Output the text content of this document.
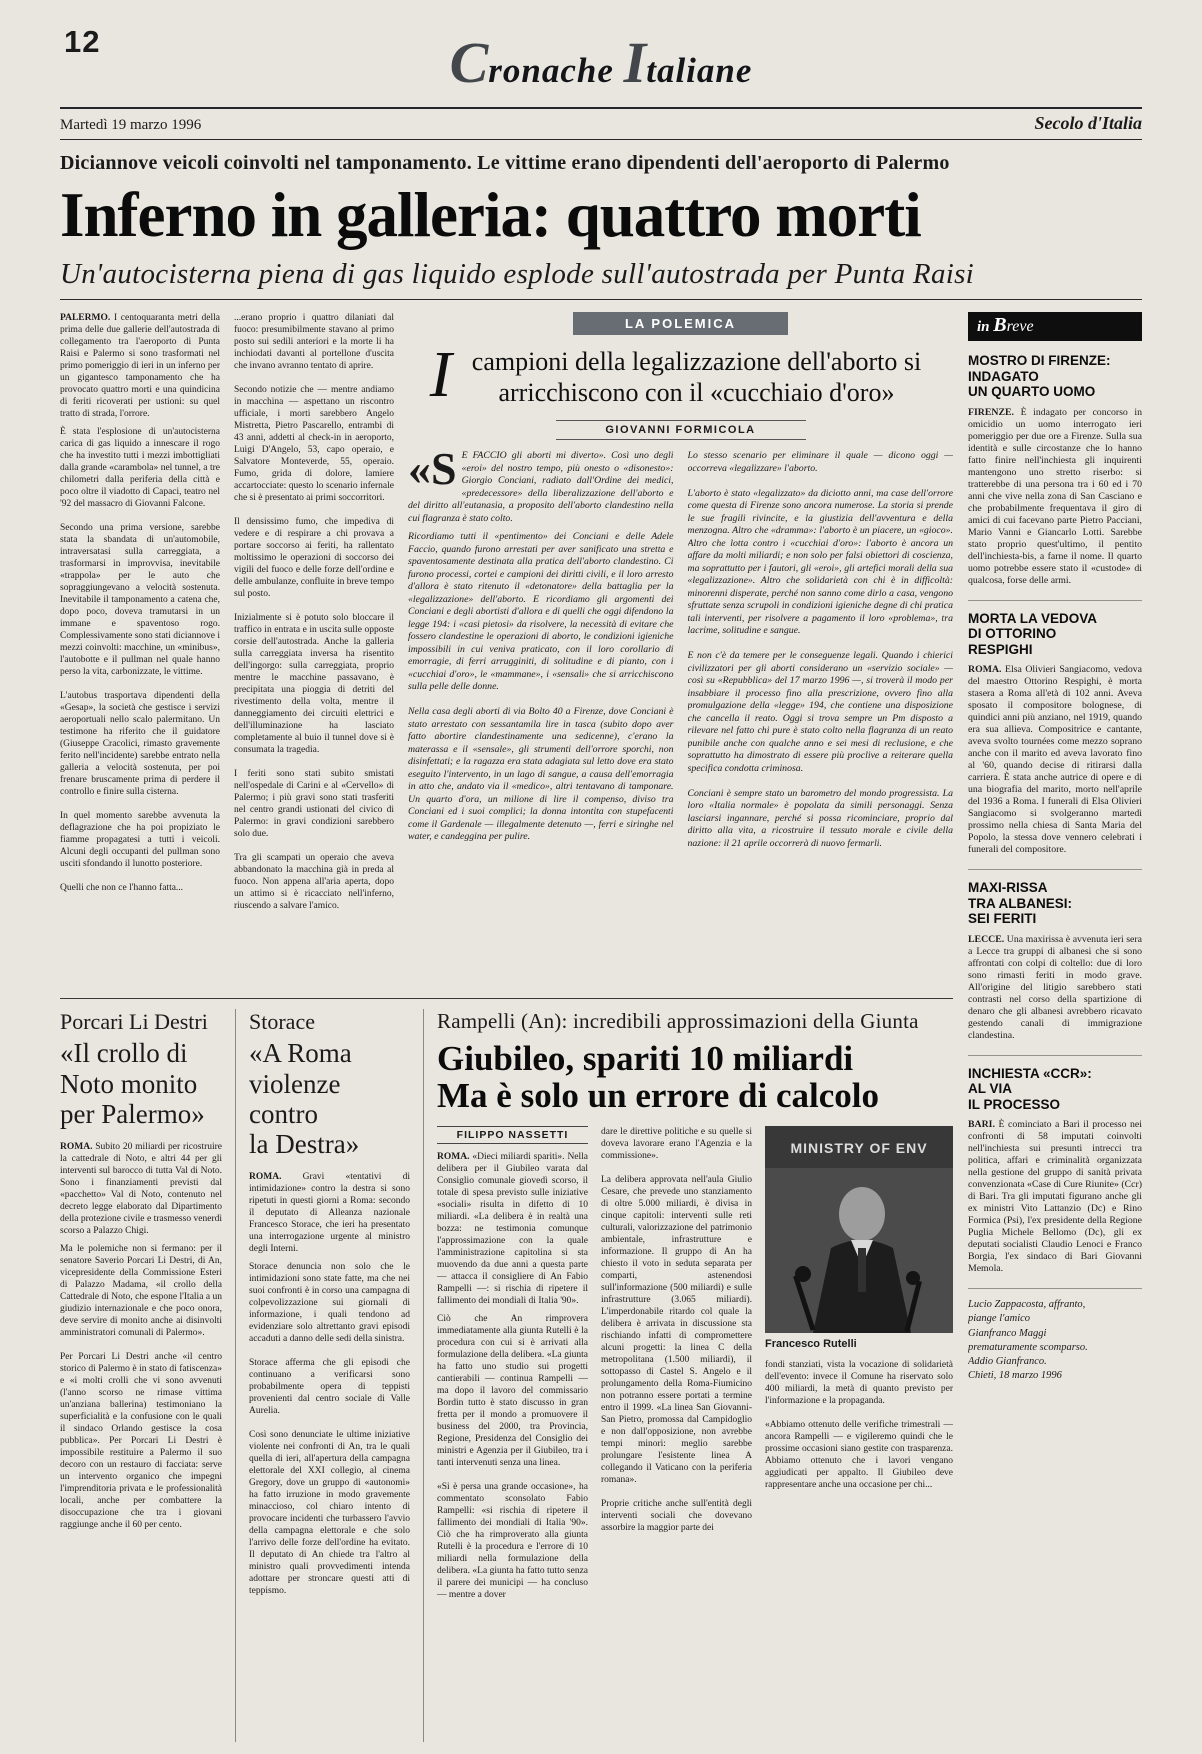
12	Cronache Italiane
Martedì 19 marzo 1996	Secolo d'Italia
Diciannove veicoli coinvolti nel tamponamento. Le vittime erano dipendenti dell'aeroporto di Palermo
Inferno in galleria: quattro morti
Un'autocisterna piena di gas liquido esplode sull'autostrada per Punta Raisi

PALERMO. I centoquaranta metri della prima delle due gallerie dell'autostrada di collegamento tra l'aeroporto di Punta Raisi e Palermo si sono trasformati nel primo pomeriggio di ieri in un inferno per un gigantesco tamponamento che ha provocato quattro morti e una quindicina di feriti ricoverati per ustioni: su quel tratto di strada, l'orrore.

È stata l'esplosione di un'autocisterna carica di gas liquido a innescare il rogo che ha investito tutti i mezzi imbottigliati dalla grande «carambola» nel tunnel, a tre chilometri dalla periferia della città e poco oltre il viadotto di Capaci, teatro nel '92 del massacro di Giovanni Falcone.

Secondo una prima versione, sarebbe stata la sbandata di un'automobile, intraversatasi sulla carreggiata, a trasformarsi in improvvisa, inevitabile «trappola» per le auto che sopraggiungevano a velocità sostenuta. Inevitabile il tamponamento a catena che, dopo poco, doveva tramutarsi in un immane e spaventoso rogo. Complessivamente sono stati diciannove i mezzi coinvolti: macchine, un «minibus», l'autobotte e il pullman nel quale hanno perso la vita, carbonizzate, le vittime.

L'autobus trasportava dipendenti della «Gesap», la società che gestisce i servizi aeroportuali nello scalo palermitano. Un testimone ha riferito che il guidatore (Giuseppe Cracolici, rimasto gravemente ferito nell'incidente) sarebbe entrato nella galleria a velocità sostenuta, per poi frenare bruscamente prima di perdere il controllo e finire sulla cisterna.

In quel momento sarebbe avvenuta la deflagrazione che ha poi propiziato le fiamme propagatesi a tutti i veicoli. Alcuni degli occupanti del pullman sono usciti sfondando il lunotto posteriore.

Quelli che non ce l'hanno fatta...
...erano proprio i quattro dilaniati dal fuoco: presumibilmente stavano al primo posto sui sedili anteriori e la morte li ha inchiodati davanti al portellone d'uscita che invano avranno tentato di aprire.

Secondo notizie che — mentre andiamo in macchina — aspettano un riscontro ufficiale, i morti sarebbero Angelo Mistretta, Pietro Pascarello, entrambi di 43 anni, addetti al check-in in aeroporto, Luigi D'Angelo, 53, capo operaio, e Salvatore Monteverde, 55, operaio. Fumo, grida di dolore, lamiere accartocciate: questo lo scenario infernale che si è presentato ai primi soccorritori.

Il densissimo fumo, che impediva di vedere e di respirare a chi provava a portare soccorso ai feriti, ha rallentato moltissimo le operazioni di soccorso dei vigili del fuoco e delle forze dell'ordine e delle ambulanze, confluite in breve tempo sul posto.

Inizialmente si è potuto solo bloccare il traffico in entrata e in uscita sulle opposte corsie dell'autostrada. Anche la galleria sulla carreggiata inversa ha risentito dell'ingorgo: sulla carreggiata, proprio mentre le macchine passavano, è precipitata una pioggia di detriti del rivestimento della volta, mentre il danneggiamento dei circuiti elettrici e dell'illuminazione ha lasciato completamente al buio il tunnel dove si è consumata la tragedia.

I feriti sono stati subito smistati nell'ospedale di Carini e al «Cervello» di Palermo; i più gravi sono stati trasferiti nel centro grandi ustionati del civico di Palermo: in gravi condizioni sarebbero solo due.

Tra gli scampati un operaio che aveva abbandonato la macchina già in preda al fuoco. Non appena all'aria aperta, dopo un attimo si è ricacciato nell'inferno, riuscendo a salvare l'amico.
LA POLEMICA
I campioni della legalizzazione dell'aborto si arricchiscono con il «cucchiaio d'oro»
GIOVANNI FORMICOLA

«S E FACCIO gli aborti mi diverto». Così uno degli «eroi» del nostro tempo, più onesto o «disonesto»: Giorgio Conciani, radiato dall'Ordine dei medici, «predecessore» della liberalizzazione dell'aborto e del diritto all'eutanasia, a proposito dell'aborto clandestino nella cui flagranza è stato colto.

Ricordiamo tutti il «pentimento» dei Conciani e delle Adele Faccio, quando furono arrestati per aver sanificato una stretta e spaventosamente destinata alla pratica dell'aborto clandestino. Ci furono processi, cortei e campioni dei diritti civili, e il loro arresto d'allora è stato ritenuto il «detonatore» della battaglia per la «legalizzazione» dell'aborto. E ricordiamo gli argomenti dei Conciani e degli abortisti d'allora e di quelli che oggi difendono la legge 194: i «casi pietosi» da risolvere, la necessità di evitare che fossero clandestine le operazioni di aborto, le condizioni igieniche impossibili in cui veniva praticato, con il loro corollario di emorragie, di ferri arrugginiti, di solitudine e di pianto, con i «cucchiai d'oro», le «mammane», i «sensali» che si arricchiscono sulla pelle delle donne.

Nella casa degli aborti di via Bolto 40 a Firenze, dove Conciani è stato arrestato con sessantamila lire in tasca (subito dopo aver fatto abortire clandestinamente una sedicenne), c'erano la materassa e il «sensale», gli strumenti dell'orrore sporchi, non disinfettati; e la ragazza era stata adagiata sul letto dove era stato eseguito l'intervento, in un lago di sangue, a causa dell'emorragia in atto che, andato via il «medico», altri tentavano di tamponare. Un quarto d'ora, un milione di lire il compenso, diviso tra Conciani ed i suoi complici; la donna intontita con stupefacenti come il Gardenale — illegalmente detenuto —, ferri e siringhe nel water, e candeggina per pulire.
Lo stesso scenario per eliminare il quale — dicono oggi — occorreva «legalizzare» l'aborto.

L'aborto è stato «legalizzato» da diciotto anni, ma case dell'orrore come questa di Firenze sono ancora numerose. La storia si prende le sue fragili rivincite, e la giustizia dell'avventura e della menzogna. Altro che «dramma»: l'aborto è un piacere, un «gioco». Altro che lotta contro i «cucchiai d'oro»: l'aborto è ancora un affare da molti miliardi; e non solo per falsi obiettori di coscienza, ma soprattutto per i fautori, gli «eroi», gli artefici morali della sua «legalizzazione». Altro che solidarietà con chi è in difficoltà: minorenni disperate, perché non sanno come dirlo a casa, vengono sfruttate senza scrupoli in condizioni igieniche degne di chi pratica tali interventi, per risolvere a pagamento il loro «problema», tra lacrime, solitudine e sangue.

E non c'è da temere per le conseguenze legali. Quando i chierici civilizzatori per gli aborti considerano un «servizio sociale» — così su «Repubblica» del 17 marzo 1996 —, si troverà il modo per insabbiare il processo fino alla prescrizione, ovvero fino alla promulgazione della «legge» 194, che contiene una disposizione che cancella il reato. Oggi si trova sempre un Pm disposto a rilevare nel fatto chi pure è stato colto nella flagranza di un reato punibile anche con qualche anno e sei mesi di reclusione, e che soprattutto ha dimostrato di essere più proclive a reiterare quella specifica condotta criminosa.

Conciani è sempre stato un barometro del mondo progressista. La loro «Italia normale» è popolata da simili personaggi. Senza lasciarsi ingannare, perché si possa ricominciare, proprio dal diritto alla vita, a ricostruire il tessuto morale e civile della nazione: il 21 aprile occorrerà di nuovo fermarli.
Porcari Li Destri
«Il crollo di
Noto monito
per Palermo»

ROMA. Subito 20 miliardi per ricostruire la cattedrale di Noto, e altri 44 per gli interventi sul barocco di tutta Val di Noto. Sono i finanziamenti previsti dal «pacchetto» Val di Noto, contenuto nel decreto legge elaborato dal Dipartimento della protezione civile e trasmesso venerdì scorso a Palazzo Chigi.

Ma le polemiche non si fermano: per il senatore Saverio Porcari Li Destri, di An, vicepresidente della Commissione Esteri di Palazzo Madama, «il crollo della Cattedrale di Noto, che espone l'Italia a un giudizio internazionale e che poco onora, deve servire di monito anche ai disinvolti amministratori comunali di Palermo».

Per Porcari Li Destri anche «il centro storico di Palermo è in stato di fatiscenza» e «i molti crolli che vi sono avvenuti (l'anno scorso ne rimase vittima un'anziana ballerina) testimoniano la superficialità e la confusione con le quali il sindaco Orlando gestisce la cosa pubblica». Per Porcari Li Destri è impossibile restituire a Palermo il suo decoro con un restauro di facciata: serve un intervento organico che impegni l'imprenditoria privata e le professionalità locali, anche per combattere la disoccupazione che tra i giovani raggiunge anche il 60 per cento.
Storace
«A Roma
violenze contro
la Destra»

ROMA. Gravi «tentativi di intimidazione» contro la destra si sono ripetuti in questi giorni a Roma: secondo il deputato di Alleanza nazionale Francesco Storace, che ieri ha presentato una interrogazione urgente al ministro degli Interni.

Storace denuncia non solo che le intimidazioni sono state fatte, ma che nei suoi confronti è in corso una campagna di colpevolizzazione sui giornali di informazione, i quali tendono ad evidenziare solo altrettanto gravi episodi accaduti a danno delle sedi della sinistra.

Storace afferma che gli episodi che continuano a verificarsi sono probabilmente opera di teppisti provenienti dal centro sociale di Valle Aurelia.

Così sono denunciate le ultime iniziative violente nei confronti di An, tra le quali quella di ieri, all'apertura della campagna elettorale del XXI collegio, al cinema Gregory, dove un gruppo di «autonomi» ha fatto irruzione in modo gravemente minaccioso, col chiaro intento di provocare incidenti che turbassero l'avvio della campagna elettorale e che solo l'arrivo delle forze dell'ordine ha evitato. Il deputato di An chiede tra l'altro al ministro quali provvedimenti intenda adottare per stroncare questi atti di teppismo.
Rampelli (An): incredibili approssimazioni della Giunta
Giubileo, spariti 10 miliardi
Ma è solo un errore di calcolo
FILIPPO NASSETTI

ROMA. «Dieci miliardi spariti». Nella delibera per il Giubileo varata dal Consiglio comunale giovedì scorso, il totale di spesa previsto sulle iniziative «sociali» risulta in difetto di 10 miliardi. «La delibera è in realtà una bozza: ne testimonia comunque l'approssimazione con la quale l'amministrazione capitolina si sta muovendo da due anni a questa parte — attacca il consigliere di An Fabio Rampelli —: si rischia di ripetere il fallimento dei mondiali di Italia '90».

Ciò che An rimprovera immediatamente alla giunta Rutelli è la procedura con cui si è arrivati alla formulazione della delibera. «La giunta ha fatto uno studio sui progetti cantierabili — continua Rampelli — ma dopo il lavoro del commissario Bordin tutto è stato discusso in gran fretta per il mondo a promuovere il business del 2000, tra Provincia, Regione, Presidenza del Consiglio dei ministri e Agenzia per il Giubileo, tra i tanti intervenuti senza una linea.

«Si è persa una grande occasione», ha commentato sconsolato Fabio Rampelli: «si rischia di ripetere il fallimento dei mondiali di Italia '90». Ciò che ha rimproverato alla giunta Rutelli è la procedura e l'errore di 10 miliardi nella formulazione della delibera. «La giunta ha fatto tutto senza il parere dei municipi — ha concluso — mentre a dover
dare le direttive politiche e su quelle si doveva lavorare erano l'Agenzia e la commissione».

La delibera approvata nell'aula Giulio Cesare, che prevede uno stanziamento di oltre 5.000 miliardi, è divisa in cinque capitoli: interventi sulle reti culturali, valorizzazione del patrimonio ambientale, infrastrutture e informazione. Il gruppo di An ha chiesto il voto in seduta separata per comparti, astenendosi sull'informazione (500 miliardi) e sulle infrastrutture (3.065 miliardi). L'imperdonabile ritardo col quale la delibera è arrivata in discussione sta rischiando infatti di compromettere alcuni progetti: la linea C della metropolitana (1.500 miliardi), il sottopasso di Castel S. Angelo e il prolungamento della Roma-Fiumicino non potranno essere portati a termine entro il 1999. «La linea San Giovanni-San Pietro, promossa dal Campidoglio e non dall'opposizione, non avrebbe tempi minori: meglio sarebbe prolungare l'esistente linea A collegando il Vaticano con la periferia romana».

Proprie critiche anche sull'entità degli interventi sociali che dovevano assorbire la maggior parte dei
MINISTRY OF ENV
Francesco Rutelli
fondi stanziati, vista la vocazione di solidarietà dell'evento: invece il Comune ha riservato solo 400 miliardi, la metà di quanto previsto per l'informazione e la propaganda.

«Abbiamo ottenuto delle verifiche trimestrali — ancora Rampelli — e vigileremo quindi che le prossime occasioni siano gestite con trasparenza. Abbiamo ottenuto che i lavori vengano aggiudicati per appalto. Il Giubileo deve rappresentare anche una occasione per chi...
in Breve
MOSTRO DI FIRENZE:
INDAGATO
UN QUARTO UOMO
FIRENZE. È indagato per concorso in omicidio un uomo interrogato ieri pomeriggio per due ore a Firenze. Sulla sua identità e sulle circostanze che lo hanno fatto finire nell'inchiesta gli inquirenti mantengono uno stretto riserbo: si tratterebbe di una persona tra i 60 ed i 70 anni che vive nella zona di San Casciano e che probabilmente frequentava il giro di amici di cui facevano parte Pietro Pacciani, Mario Vanni e Giancarlo Lotti. Sarebbe stato proprio quest'ultimo, il pentito dell'inchiesta-bis, a farne il nome. Il quarto uomo potrebbe essere stato il «custode» di qualcosa, forse delle armi.
MORTA LA VEDOVA
DI OTTORINO
RESPIGHI
ROMA. Elsa Olivieri Sangiacomo, vedova del maestro Ottorino Respighi, è morta stasera a Roma all'età di 102 anni. Aveva sposato il compositore bolognese, di quindici anni più anziano, nel 1919, quando era sua allieva. Compositrice e cantante, aveva svolto tournées come mezzo soprano anche con il marito ed aveva lavorato fino al '60, quando decise di ritirarsi dalla carriera. È stata anche autrice di opere e di una biografia del marito, morto nell'aprile del 1936 a Roma. I funerali di Elsa Olivieri Sangiacomo si svolgeranno martedì prossimo nella chiesa di Santa Maria del Popolo, la stessa dove vennero celebrati i funerali del compositore.
MAXI-RISSA
TRA ALBANESI:
SEI FERITI
LECCE. Una maxirissa è avvenuta ieri sera a Lecce tra gruppi di albanesi che si sono affrontati con colpi di coltello: due di loro sono rimasti feriti in modo grave. All'origine del litigio sarebbero stati contrasti nel corso della spartizione di denaro che gli albanesi avrebbero ricavato gestendo canali di immigrazione clandestina.
INCHIESTA «CCR»:
AL VIA
IL PROCESSO
BARI. È cominciato a Bari il processo nei confronti di 58 imputati coinvolti nell'inchiesta sui presunti intrecci tra politica, affari e criminalità organizzata nella gestione del gruppo di sanità privata convenzionata «Case di Cure Riunite» (Ccr) di Bari. Tra gli imputati figurano anche gli ex ministri Vito Lattanzio (Dc) e Rino Formica (Psi), l'ex presidente della Regione Puglia Michele Bellomo (Dc), gli ex deputati socialisti Claudio Lenoci e Franco Borgia, l'ex sindaco di Bari Giovanni Memola.
Lucio Zappacosta, affranto,
piange l'amico
Gianfranco Maggi
prematuramente scomparso.
Addio Gianfranco.
Chieti, 18 marzo 1996
